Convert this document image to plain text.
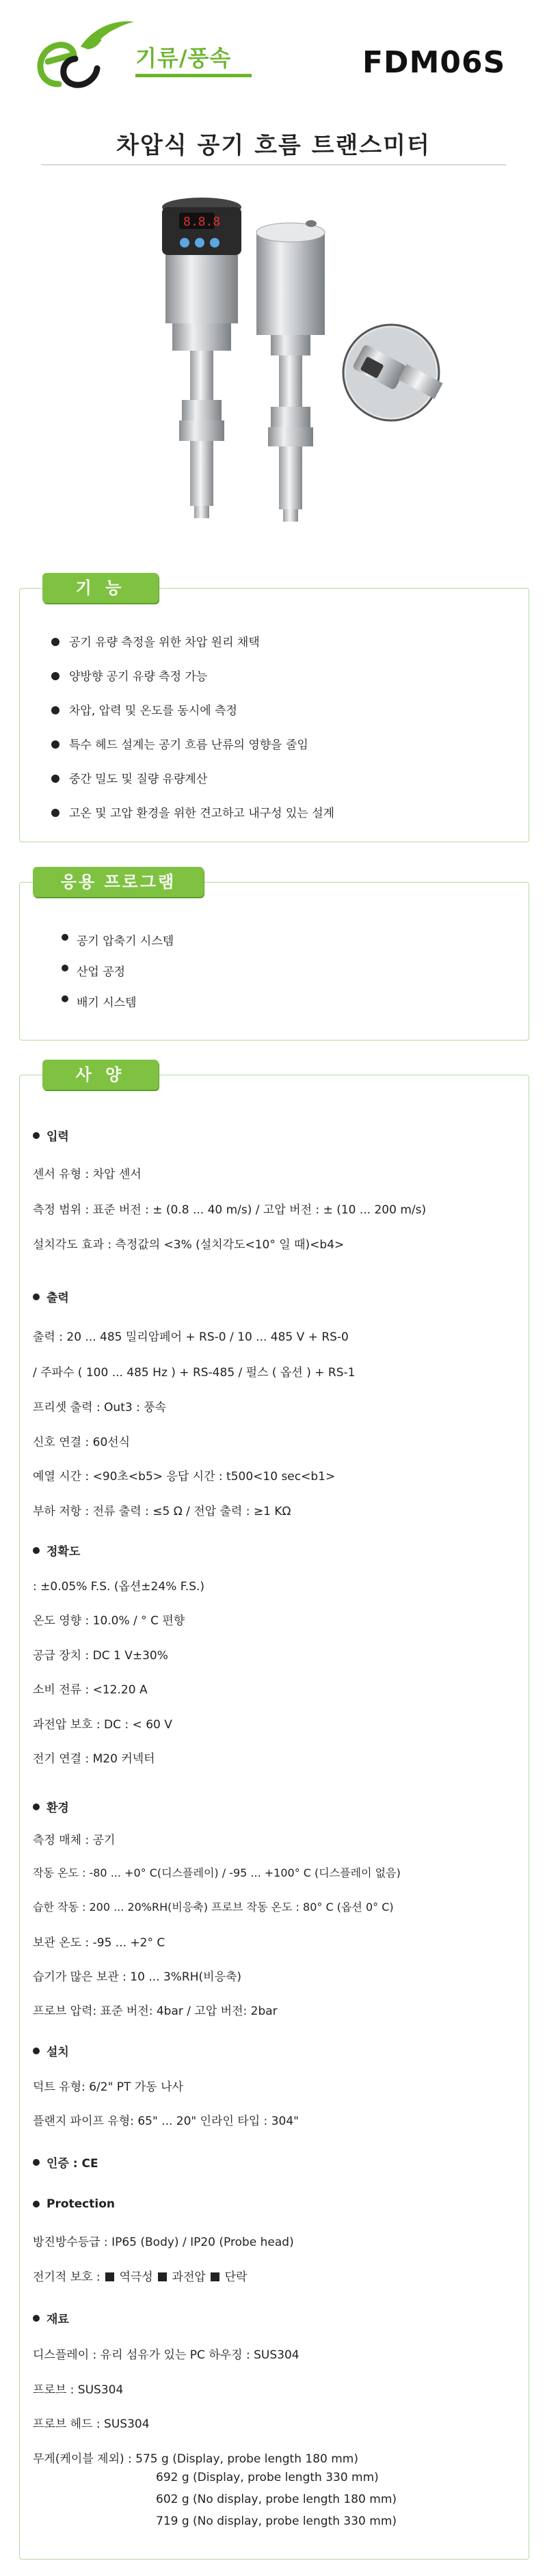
기류/풍속	FDM06S
차압식 공기 흐름 트랜스미터
8.8.8
기 능
공기 유량 측정을 위한 차압 원리 채택
양방향 공기 유량 측정 가능
차압, 압력 및 온도를 동시에 측정
특수 헤드 설계는 공기 흐름 난류의 영향을 줄임
중간 밀도 및 질량 유량계산
고온 및 고압 환경을 위한 견고하고 내구성 있는 설계
응용 프로그램
공기 압축기 시스템
산업 공정
배기 시스템
사 양
입력
센서 유형 : 차압 센서
측정 범위 : 표준 버전 : ± (0.8 ... 40 m/s) / 고압 버전 : ± (10 ... 200 m/s)
설치각도 효과 : 측정값의 <3% (설치각도<10° 일 때)<b4>
출력
출력 : 20 ... 485 밀리암페어 + RS-0 / 10 ... 485 V + RS-0
/ 주파수 ( 100 ... 485 Hz ) + RS-485 / 펄스 ( 옵션 ) + RS-1
프리셋 출력 : Out3 : 풍속
신호 연결 : 60선식
예열 시간 : <90초<b5> 응답 시간 : t500<10 sec<b1>
부하 저항 : 전류 출력 : ≤5 Ω / 전압 출력 : ≥1 KΩ
정확도
: ±0.05% F.S. (옵션±24% F.S.)
온도 영향 : 10.0% / ° C 편향
공급 장치 : DC 1 V±30%
소비 전류 : <12.20 A
과전압 보호 : DC : < 60 V
전기 연결 : M20 커넥터
환경
측정 매체 : 공기
작동 온도 : -80 ... +0° C(디스플레이) / -95 ... +100° C (디스플레이 없음)
습한 작동 : 200 ... 20%RH(비응축) 프로브 작동 온도 : 80° C (옵션 0° C)
보관 온도 : -95 ... +2° C
습기가 많은 보관 : 10 ... 3%RH(비응축)
프로브 압력: 표준 버전: 4bar / 고압 버전: 2bar
설치
덕트 유형: 6/2" PT 가동 나사
플랜지 파이프 유형: 65" ... 20" 인라인 타입 : 304"
인증 : CE
Protection
방진방수등급 : IP65 (Body) / IP20 (Probe head)
전기적 보호 :  역극성  과전압  단락
재료
디스플레이 : 유리 섬유가 있는 PC 하우징 : SUS304
프로브 : SUS304
프로브 헤드 : SUS304
무게(케이블 제외) : 575 g (Display, probe length 180 mm)
692 g (Display, probe length 330 mm)
602 g (No display, probe length 180 mm)
719 g (No display, probe length 330 mm)
